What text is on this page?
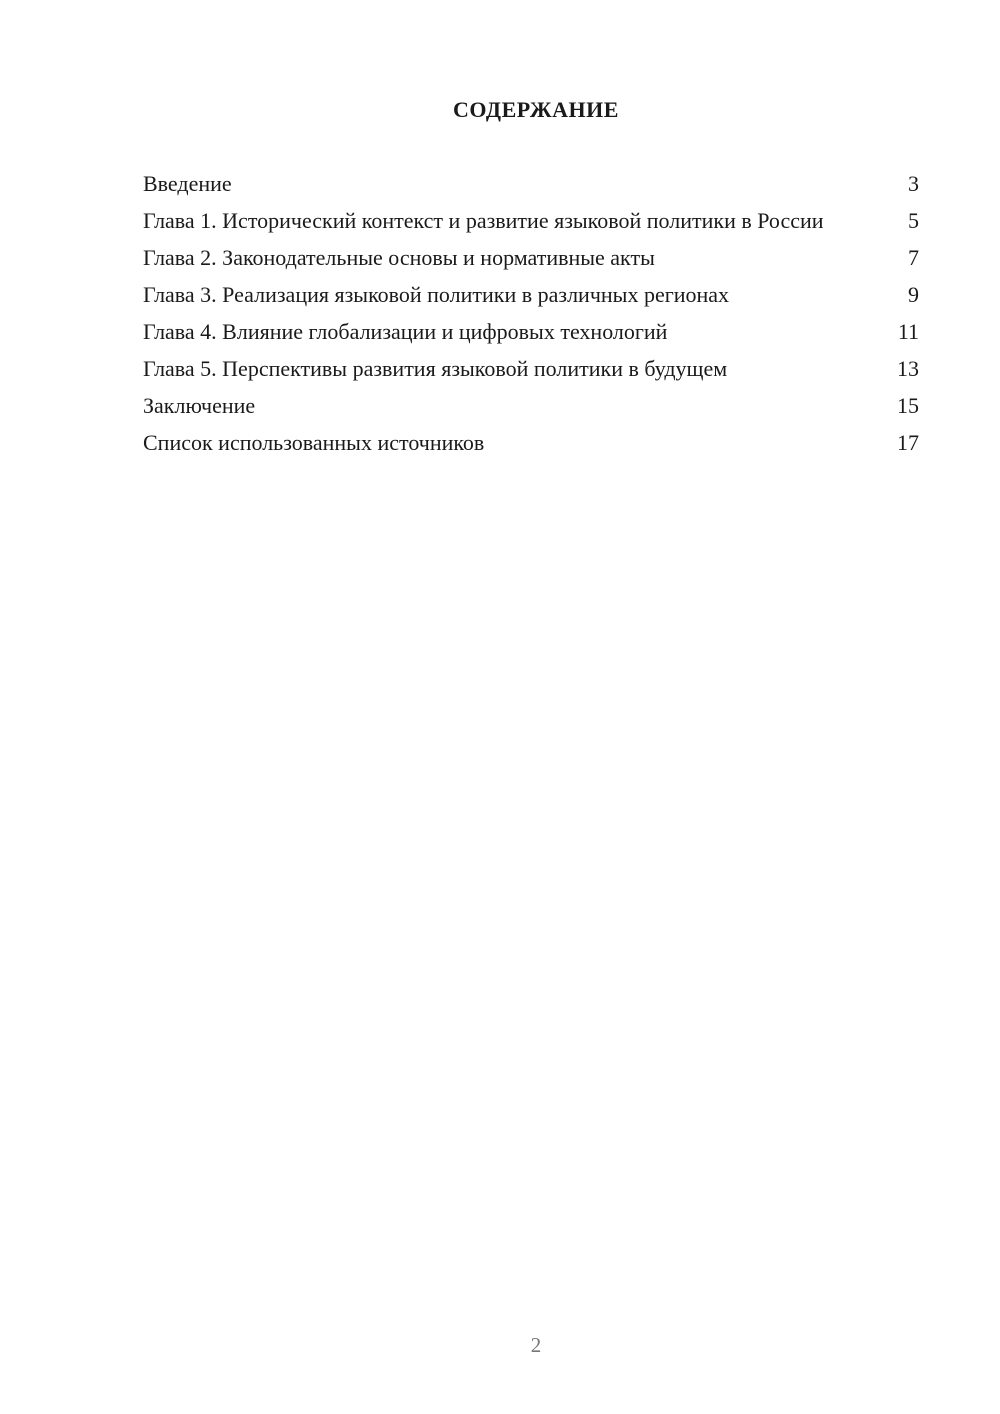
СОДЕРЖАНИЕ
Введение	3
Глава 1. Исторический контекст и развитие языковой политики в России	5
Глава 2. Законодательные основы и нормативные акты	7
Глава 3. Реализация языковой политики в различных регионах	9
Глава 4. Влияние глобализации и цифровых технологий	11
Глава 5. Перспективы развития языковой политики в будущем	13
Заключение	15
Список использованных источников	17
2
